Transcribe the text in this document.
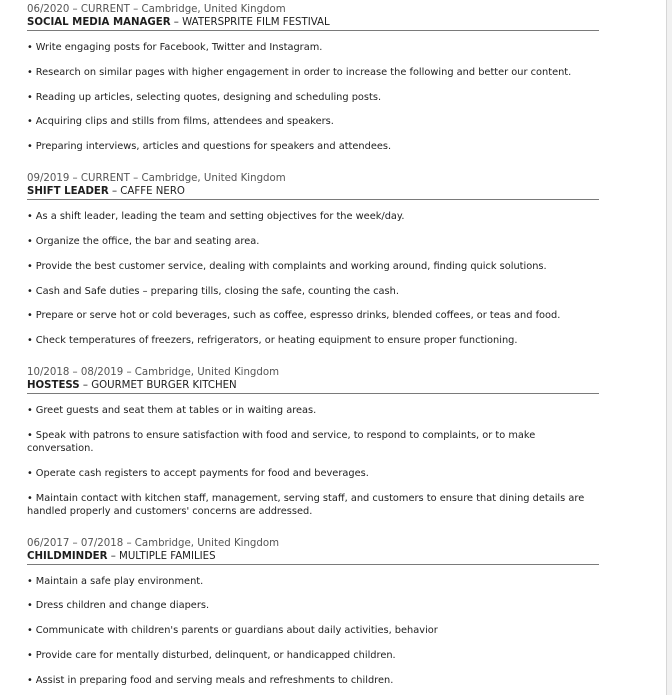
06/2020 – CURRENT – Cambridge, United Kingdom
SOCIAL MEDIA MANAGER – WATERSPRITE FILM FESTIVAL
• Write engaging posts for Facebook, Twitter and Instagram.
• Research on similar pages with higher engagement in order to increase the following and better our content.
• Reading up articles, selecting quotes, designing and scheduling posts.
• Acquiring clips and stills from films, attendees and speakers.
• Preparing interviews, articles and questions for speakers and attendees.
09/2019 – CURRENT – Cambridge, United Kingdom
SHIFT LEADER – CAFFE NERO
• As a shift leader, leading the team and setting objectives for the week/day.
• Organize the office, the bar and seating area.
• Provide the best customer service, dealing with complaints and working around, finding quick solutions.
• Cash and Safe duties – preparing tills, closing the safe, counting the cash.
• Prepare or serve hot or cold beverages, such as coffee, espresso drinks, blended coffees, or teas and food.
• Check temperatures of freezers, refrigerators, or heating equipment to ensure proper functioning.
10/2018 – 08/2019 – Cambridge, United Kingdom
HOSTESS – GOURMET BURGER KITCHEN
• Greet guests and seat them at tables or in waiting areas.
• Speak with patrons to ensure satisfaction with food and service, to respond to complaints, or to make conversation.
• Operate cash registers to accept payments for food and beverages.
• Maintain contact with kitchen staff, management, serving staff, and customers to ensure that dining details are handled properly and customers' concerns are addressed.
06/2017 – 07/2018 – Cambridge, United Kingdom
CHILDMINDER – MULTIPLE FAMILIES
• Maintain a safe play environment.
• Dress children and change diapers.
• Communicate with children's parents or guardians about daily activities, behavior
• Provide care for mentally disturbed, delinquent, or handicapped children.
• Assist in preparing food and serving meals and refreshments to children.
